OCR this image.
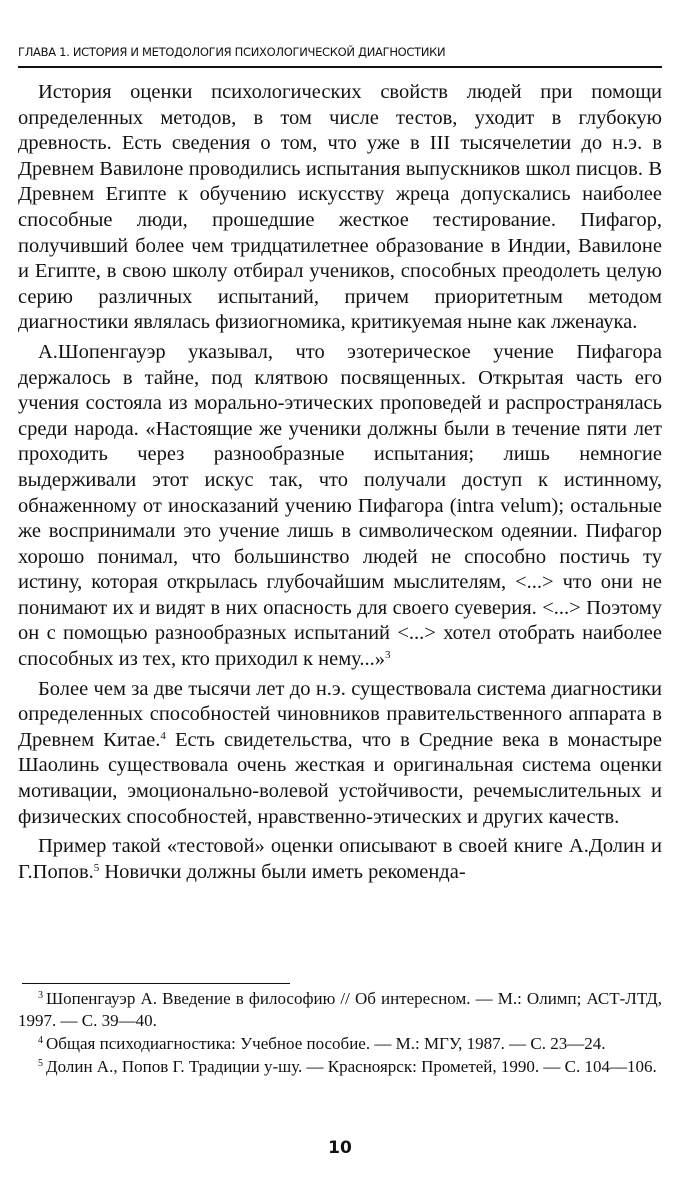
ГЛАВА 1. ИСТОРИЯ И МЕТОДОЛОГИЯ ПСИХОЛОГИЧЕСКОЙ ДИАГНОСТИКИ

История оценки психологических свойств людей при помощи определенных методов, в том числе тестов, уходит в глубокую древность. Есть сведения о том, что уже в III тысячелетии до н.э. в Древнем Вавилоне проводились испытания выпускников школ писцов. В Древнем Египте к обучению искусству жреца допускались наиболее способные люди, прошедшие жесткое тестирование. Пифагор, получивший более чем тридцатилетнее образование в Индии, Вавилоне и Египте, в свою школу отбирал учеников, способных преодолеть целую серию различных испытаний, причем приоритетным методом диагностики являлась физиогномика, критикуемая ныне как лженаука.

А.Шопенгауэр указывал, что эзотерическое учение Пифагора держалось в тайне, под клятвою посвященных. Открытая часть его учения состояла из морально-этических проповедей и распространялась среди народа. «Настоящие же ученики должны были в течение пяти лет проходить через разнообразные испытания; лишь немногие выдерживали этот искус так, что получали доступ к истинному, обнаженному от иносказаний учению Пифагора (intra velum); остальные же воспринимали это учение лишь в символическом одеянии. Пифагор хорошо понимал, что большинство людей не способно постичь ту истину, которая открылась глубочайшим мыслителям, <...> что они не понимают их и видят в них опасность для своего суеверия. <...> Поэтому он с помощью разнообразных испытаний <...> хотел отобрать наиболее способных из тех, кто приходил к нему...»$^3$

Более чем за две тысячи лет до н.э. существовала система диагностики определенных способностей чиновников правительственного аппарата в Древнем Китае.$^4$ Есть свидетельства, что в Средние века в монастыре Шаолинь существовала очень жесткая и оригинальная система оценки мотивации, эмоционально-волевой устойчивости, речемыслительных и физических способностей, нравственно-этических и других качеств.

Пример такой «тестовой» оценки описывают в своей книге А.Долин и Г.Попов.$^5$ Новички должны были иметь рекоменда-

$^3$ Шопенгауэр А. Введение в философию // Об интересном. — М.: Олимп; АСТ-ЛТД, 1997. — С. 39—40.

$^4$ Общая психодиагностика: Учебное пособие. — М.: МГУ, 1987. — С. 23—24.

$^5$ Долин А., Попов Г. Традиции у-шу. — Красноярск: Прометей, 1990. — С. 104—106.

10
